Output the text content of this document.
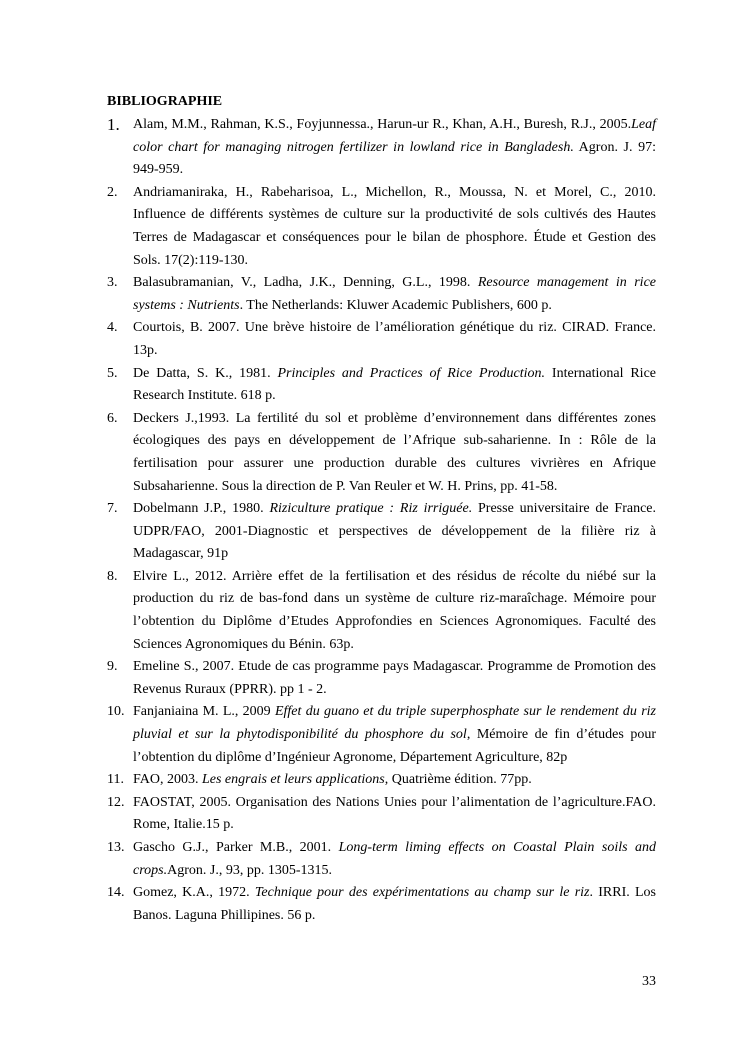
BIBLIOGRAPHIE
1. Alam, M.M., Rahman, K.S., Foyjunnessa., Harun-ur R., Khan, A.H., Buresh, R.J., 2005.Leaf color chart for managing nitrogen fertilizer in lowland rice in Bangladesh. Agron. J. 97: 949-959.
2.	Andriamaniraka, H., Rabeharisoa, L., Michellon, R., Moussa, N. et Morel, C., 2010. Influence de différents systèmes de culture sur la productivité de sols cultivés des Hautes Terres de Madagascar et conséquences pour le bilan de phosphore. Étude et Gestion des Sols. 17(2):119-130.
3.	Balasubramanian, V., Ladha, J.K., Denning, G.L., 1998. Resource management in rice systems : Nutrients. The Netherlands: Kluwer Academic Publishers, 600 p.
4.	Courtois, B. 2007. Une brève histoire de l’amélioration génétique du riz. CIRAD. France. 13p.
5.	De Datta, S. K., 1981. Principles and Practices of Rice Production. International Rice Research Institute. 618 p.
6.	Deckers J.,1993. La fertilité du sol et problème d’environnement dans différentes zones écologiques des pays en développement de l’Afrique sub-saharienne. In : Rôle de la fertilisation pour assurer une production durable des cultures vivrières en Afrique Subsaharienne. Sous la direction de P. Van Reuler et W. H. Prins, pp. 41-58.
7.	Dobelmann J.P., 1980. Riziculture pratique : Riz irriguée. Presse universitaire de France. UDPR/FAO, 2001-Diagnostic et perspectives de développement de la filière riz à Madagascar, 91p
8.	Elvire L., 2012. Arrière effet de la fertilisation et des résidus de récolte du niébé sur la production du riz de bas-fond dans un système de culture riz-maraîchage. Mémoire pour l’obtention du Diplôme d’Etudes Approfondies en Sciences Agronomiques. Faculté des Sciences Agronomiques du Bénin. 63p.
9.	Emeline S., 2007. Etude de cas programme pays Madagascar. Programme de Promotion des Revenus Ruraux (PPRR). pp 1 - 2.
10. Fanjaniaina M. L., 2009 Effet du guano et du triple superphosphate sur le rendement du riz pluvial et sur la phytodisponibilité du phosphore du sol, Mémoire de fin d’études pour l’obtention du diplôme d’Ingénieur Agronome, Département Agriculture, 82p
11. FAO, 2003. Les engrais et leurs applications, Quatrième édition. 77pp.
12. FAOSTAT, 2005. Organisation des Nations Unies pour l’alimentation de l’agriculture.FAO. Rome, Italie.15 p.
13. Gascho G.J., Parker M.B., 2001. Long-term liming effects on Coastal Plain soils and crops.Agron. J., 93, pp. 1305-1315.
14. Gomez, K.A., 1972. Technique pour des expérimentations au champ sur le riz. IRRI. Los Banos. Laguna Phillipines. 56 p.
33
